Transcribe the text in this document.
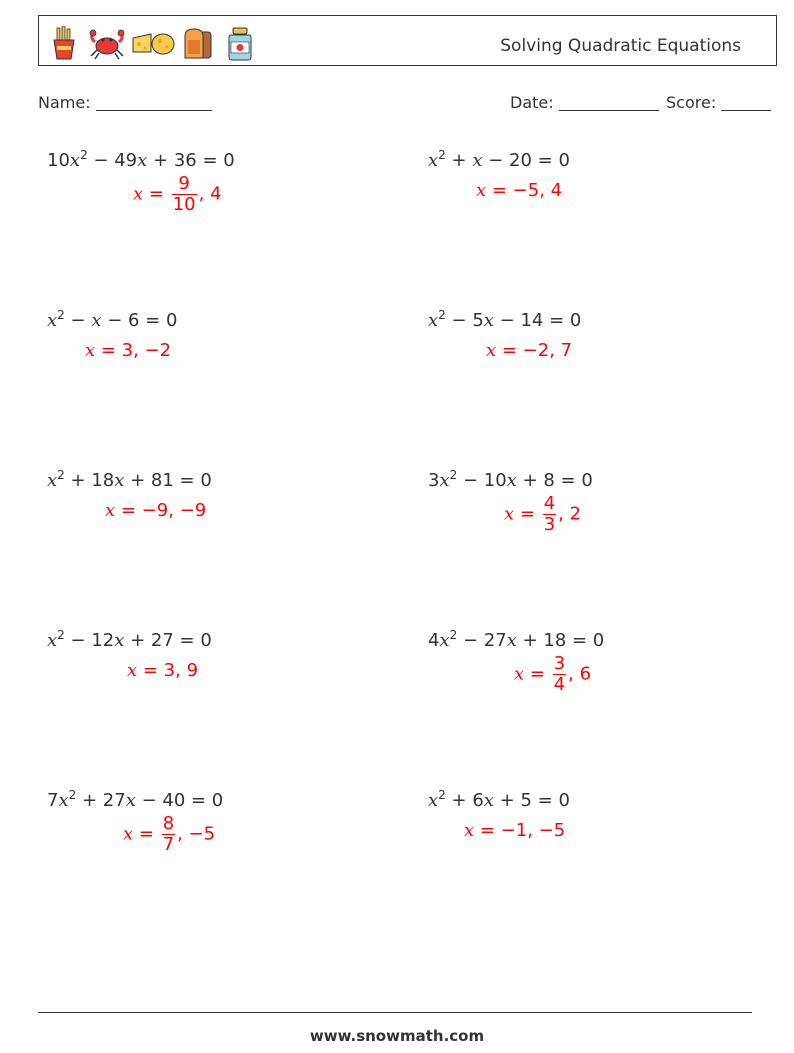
Solving Quadratic Equations
Name:	Date:	Score:
$10x^2 - 49x + 36 = 0$
$x = \frac{9}{10}$ , 4
$x^2 + x - 20 = 0$
x = −5, 4
$x^2 - x - 6 = 0$
x = 3, −2
$x^2 - 5x - 14 = 0$
x = −2, 7
$x^2 + 18x + 81 = 0$
x = −9, −9
$3x^2 - 10x + 8 = 0$
$x = \frac{4}{3}$ , 2
$x^2 - 12x + 27 = 0$
x = 3, 9
$4x^2 - 27x + 18 = 0$
$x = \frac{3}{4}$ , 6
$7x^2 + 27x - 40 = 0$
$x = \frac{8}{7}$ , −5
$x^2 + 6x + 5 = 0$
x = −1, −5
www.snowmath.com
